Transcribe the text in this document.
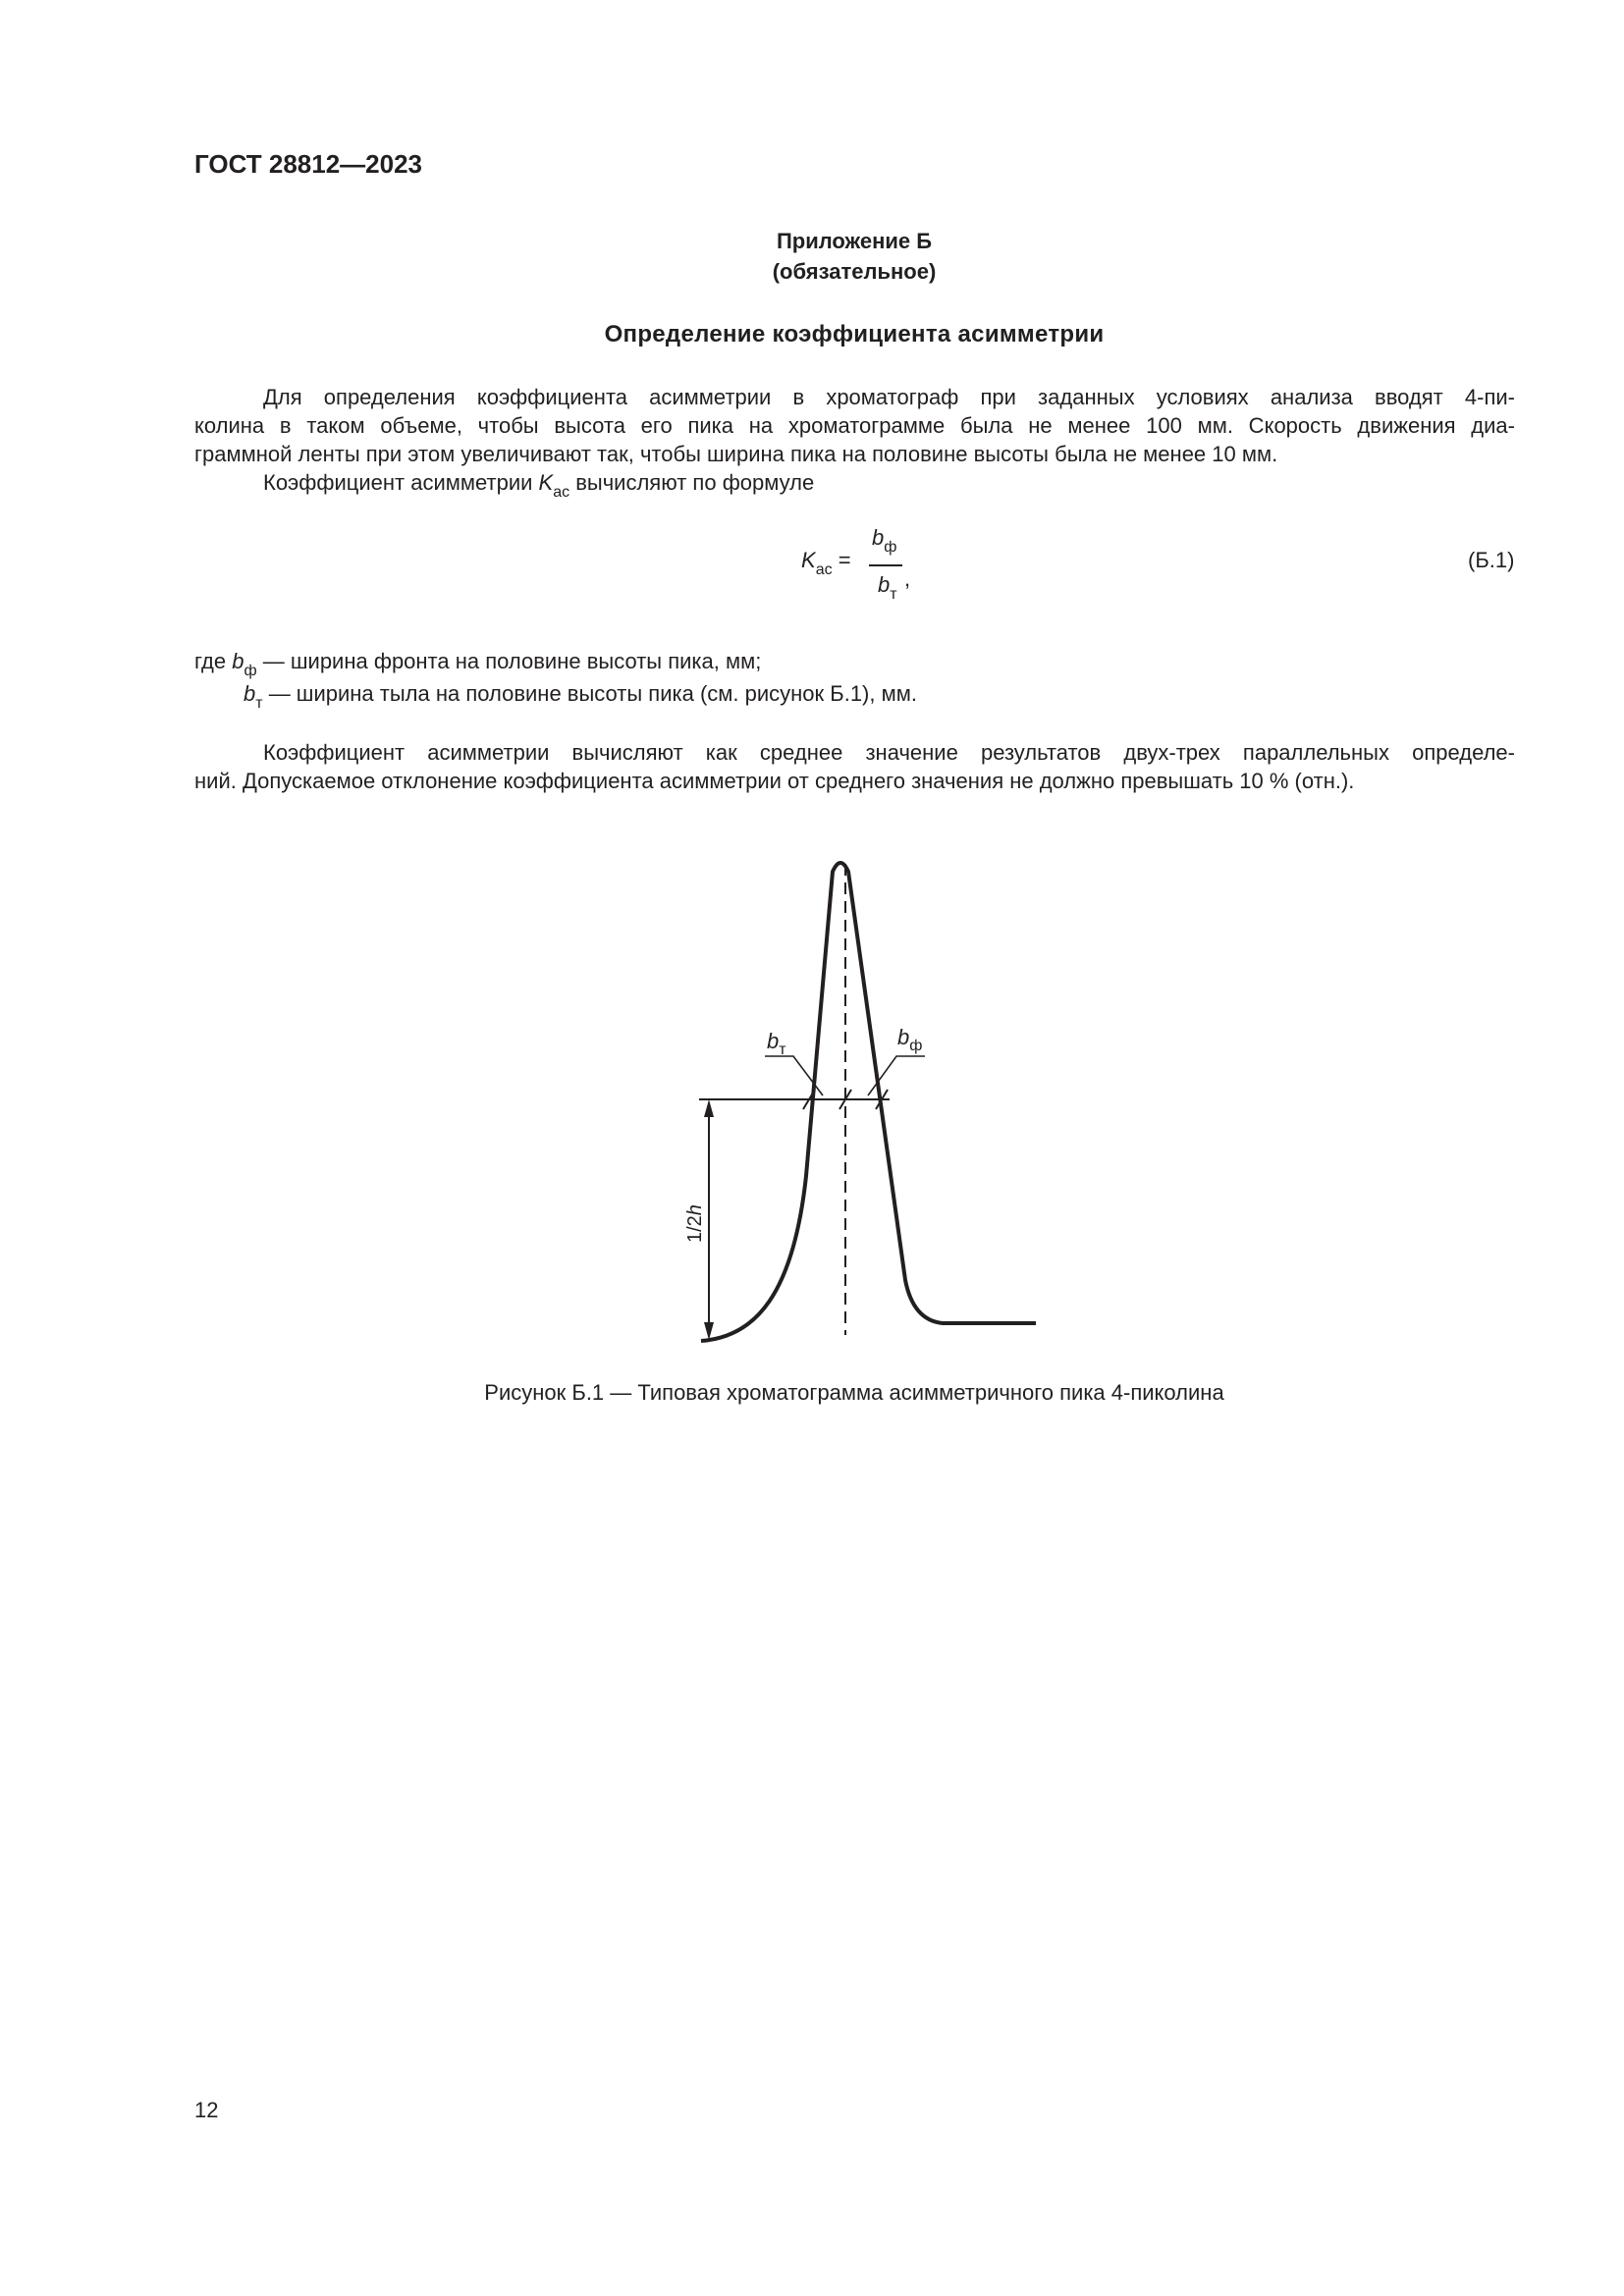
ГОСТ 28812—2023
Приложение Б
(обязательное)
Определение коэффициента асимметрии

Для определения коэффициента асимметрии в хроматограф при заданных условиях анализа вводят 4-пи-

колина в таком объеме, чтобы высота его пика на хроматограмме была не менее 100 мм. Скорость движения диа-

граммной ленты при этом увеличивают так, чтобы ширина пика на половине высоты была не менее 10 мм.

Коэффициент асимметрии $K_{ас}$ вычисляют по формуле

$K_{ас}$ =
$b_ф$
$b_т$
,
(Б.1)
где $b_ф$ — ширина фронта на половине высоты пика, мм;
$b_т$ — ширина тыла на половине высоты пика (см. рисунок Б.1), мм.

Коэффициент асимметрии вычисляют как среднее значение результатов двух-трех параллельных определе-

ний. Допускаемое отклонение коэффициента асимметрии от среднего значения не должно превышать 10 % (отн.).

$b_т$
$b_ф$
1/2h
Рисунок Б.1 — Типовая хроматограмма асимметричного пика 4-пиколина
12
